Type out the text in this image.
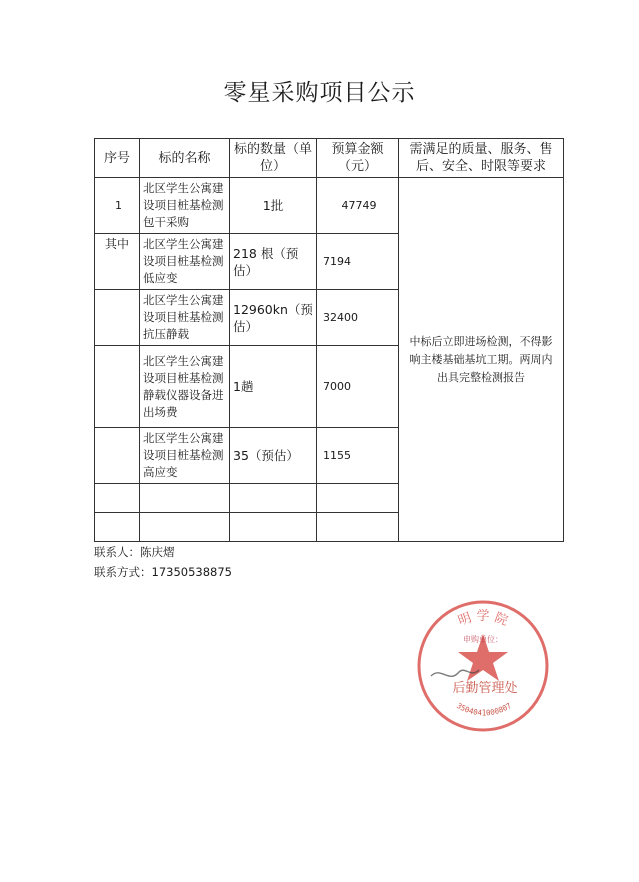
零星采购项目公示
序号	标的名称	标的数量（单位）	预算金额（元）	需满足的质量、服务、售后、安全、时限等要求
1	北区学生公寓建设项目桩基检测包干采购	1批	47749	中标后立即进场检测，不得影响主楼基础基坑工期。两周内出具完整检测报告
其中	北区学生公寓建设项目桩基检测低应变	218 根（预估）	7194	
	北区学生公寓建设项目桩基检测抗压静载	12960kn（预估）	32400	
	北区学生公寓建设项目桩基检测静载仪器设备进出场费	1趟	7000	
	北区学生公寓建设项目桩基检测高应变	35（预估）	1155	

联系人：陈庆熠
联系方式：17350538875
明 学 院
申购单位：
后勤管理处
3504041000807
